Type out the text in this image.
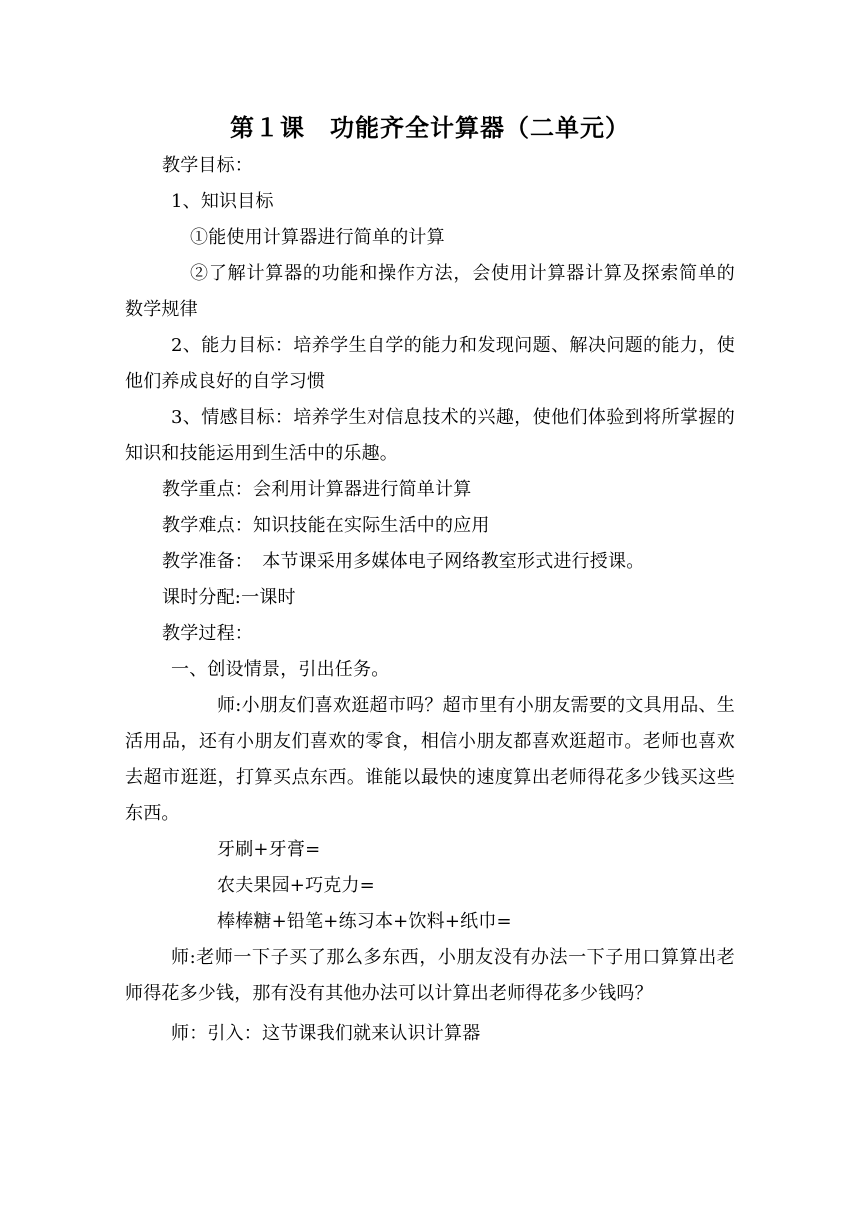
第１课　功能齐全计算器（二单元）
教学目标：
1、知识目标
①能使用计算器进行简单的计算
②了解计算器的功能和操作方法，会使用计算器计算及探索简单的数学规律
2、能力目标：培养学生自学的能力和发现问题、解决问题的能力，使他们养成良好的自学习惯
3、情感目标：培养学生对信息技术的兴趣，使他们体验到将所掌握的知识和技能运用到生活中的乐趣。
教学重点：会利用计算器进行简单计算
教学难点：知识技能在实际生活中的应用
教学准备：　本节课采用多媒体电子网络教室形式进行授课。
课时分配:一课时
教学过程：
一、创设情景，引出任务。
师:小朋友们喜欢逛超市吗？超市里有小朋友需要的文具用品、生活用品，还有小朋友们喜欢的零食，相信小朋友都喜欢逛超市。老师也喜欢去超市逛逛，打算买点东西。谁能以最快的速度算出老师得花多少钱买这些东西。
牙刷+牙膏=
农夫果园+巧克力=
棒棒糖+铅笔+练习本+饮料+纸巾=
师:老师一下子买了那么多东西，小朋友没有办法一下子用口算算出老师得花多少钱，那有没有其他办法可以计算出老师得花多少钱吗？
师：引入：这节课我们就来认识计算器
